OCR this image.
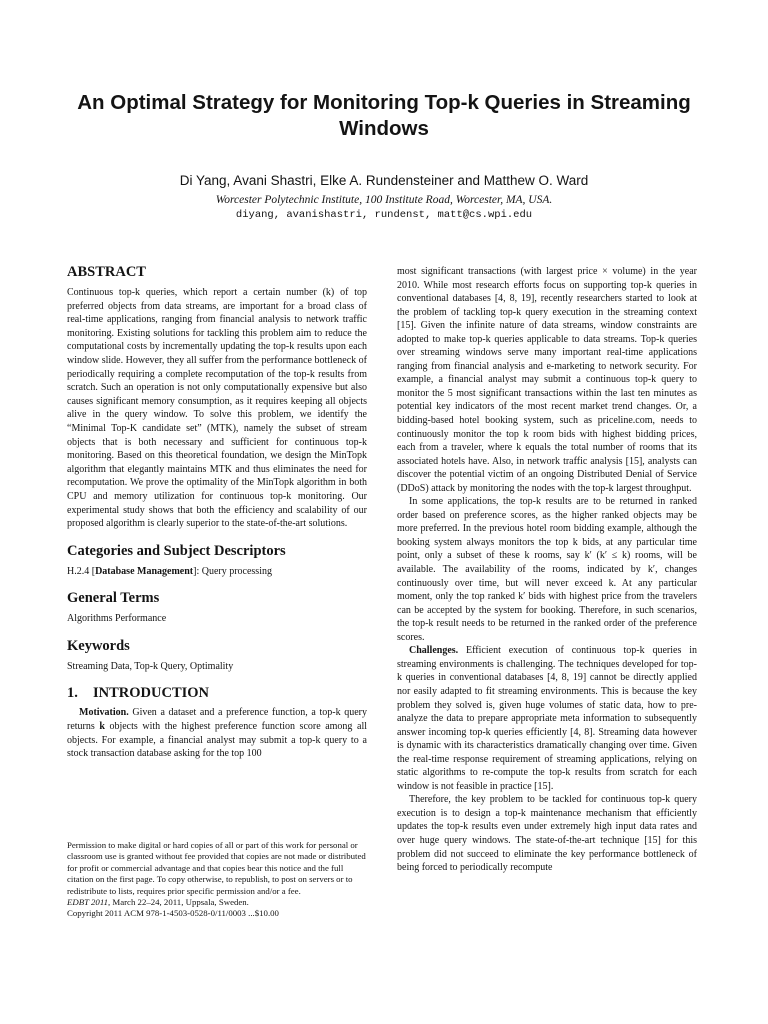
An Optimal Strategy for Monitoring Top-k Queries in Streaming Windows
Di Yang, Avani Shastri, Elke A. Rundensteiner and Matthew O. Ward
Worcester Polytechnic Institute, 100 Institute Road, Worcester, MA, USA.
diyang, avanishastri, rundenst, matt@cs.wpi.edu
ABSTRACT

Continuous top-k queries, which report a certain number (k) of top preferred objects from data streams, are important for a broad class of real-time applications, ranging from financial analysis to network traffic monitoring. Existing solutions for tackling this problem aim to reduce the computational costs by incrementally updating the top-k results upon each window slide. However, they all suffer from the performance bottleneck of periodically requiring a complete recomputation of the top-k results from scratch. Such an operation is not only computationally expensive but also causes significant memory consumption, as it requires keeping all objects alive in the query window. To solve this problem, we identify the “Minimal Top-K candidate set” (MTK), namely the subset of stream objects that is both necessary and sufficient for continuous top-k monitoring. Based on this theoretical foundation, we design the MinTopk algorithm that elegantly maintains MTK and thus eliminates the need for recomputation. We prove the optimality of the MinTopk algorithm in both CPU and memory utilization for continuous top-k monitoring. Our experimental study shows that both the efficiency and scalability of our proposed algorithm is clearly superior to the state-of-the-art solutions.

Categories and Subject Descriptors

H.2.4 [Database Management]: Query processing

General Terms

Algorithms Performance

Keywords

Streaming Data, Top-k Query, Optimality

1. INTRODUCTION

Motivation. Given a dataset and a preference function, a top-k query returns k objects with the highest preference function score among all objects. For example, a financial analyst may submit a top-k query to a stock transaction database asking for the top 100

Permission to make digital or hard copies of all or part of this work for personal or classroom use is granted without fee provided that copies are not made or distributed for profit or commercial advantage and that copies bear this notice and the full citation on the first page. To copy otherwise, to republish, to post on servers or to redistribute to lists, requires prior specific permission and/or a fee.

EDBT 2011, March 22–24, 2011, Uppsala, Sweden.

Copyright 2011 ACM 978-1-4503-0528-0/11/0003 ...$10.00

most significant transactions (with largest price × volume) in the year 2010. While most research efforts focus on supporting top-k queries in conventional databases [4, 8, 19], recently researchers started to look at the problem of tackling top-k query execution in the streaming context [15]. Given the infinite nature of data streams, window constraints are adopted to make top-k queries applicable to data streams. Top-k queries over streaming windows serve many important real-time applications ranging from financial analysis and e-marketing to network security. For example, a financial analyst may submit a continuous top-k query to monitor the 5 most significant transactions within the last ten minutes as potential key indicators of the most recent market trend changes. Or, a bidding-based hotel booking system, such as priceline.com, needs to continuously monitor the top k room bids with highest bidding prices, each from a traveler, where k equals the total number of rooms that its associated hotels have. Also, in network traffic analysis [15], analysts can discover the potential victim of an ongoing Distributed Denial of Service (DDoS) attack by monitoring the nodes with the top-k largest throughput.

In some applications, the top-k results are to be returned in ranked order based on preference scores, as the higher ranked objects may be more preferred. In the previous hotel room bidding example, although the booking system always monitors the top k bids, at any particular time point, only a subset of these k rooms, say k′ (k′ ≤ k) rooms, will be available. The availability of the rooms, indicated by k′, changes continuously over time, but will never exceed k. At any particular moment, only the top ranked k′ bids with highest price from the travelers can be accepted by the system for booking. Therefore, in such scenarios, the top-k result needs to be returned in the ranked order of the preference scores.

Challenges. Efficient execution of continuous top-k queries in streaming environments is challenging. The techniques developed for top-k queries in conventional databases [4, 8, 19] cannot be directly applied nor easily adapted to fit streaming environments. This is because the key problem they solved is, given huge volumes of static data, how to pre-analyze the data to prepare appropriate meta information to subsequently answer incoming top-k queries efficiently [4, 8]. Streaming data however is dynamic with its characteristics dramatically changing over time. Given the real-time response requirement of streaming applications, relying on static algorithms to re-compute the top-k results from scratch for each window is not feasible in practice [15].

Therefore, the key problem to be tackled for continuous top-k query execution is to design a top-k maintenance mechanism that efficiently updates the top-k results even under extremely high input data rates and over huge query windows. The state-of-the-art technique [15] for this problem did not succeed to eliminate the key performance bottleneck of being forced to periodically recompute
